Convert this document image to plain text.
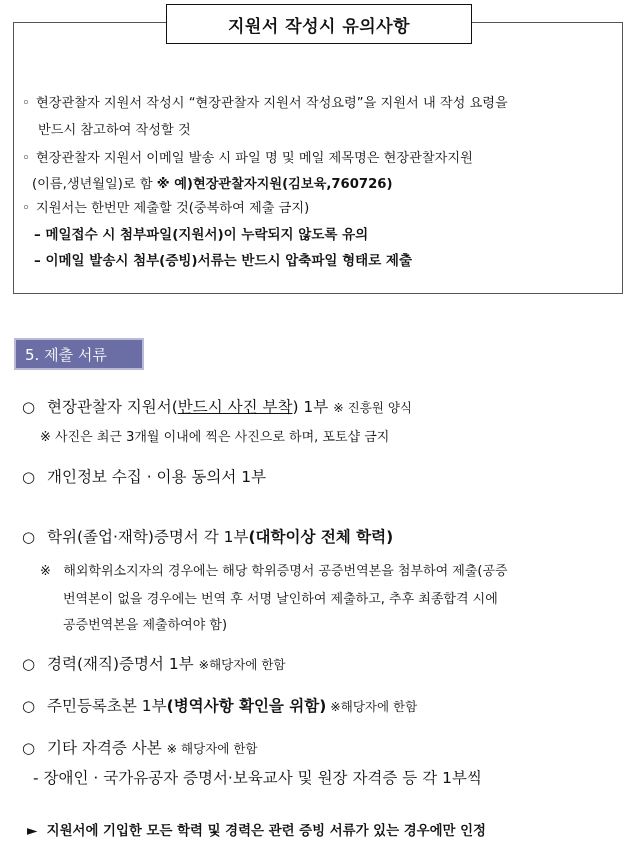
지원서 작성시 유의사항
◦ 현장관찰자 지원서 작성시 “현장관찰자 지원서 작성요령”을 지원서 내 작성 요령을
반드시 참고하여 작성할 것
◦ 현장관찰자 지원서 이메일 발송 시 파일 명 및 메일 제목명은 현장관찰자지원
(이름,생년월일)로 함 ※ 예)현장관찰자지원(김보육,760726)
◦ 지원서는 한번만 제출할 것(중복하여 제출 금지)
– 메일접수 시 첨부파일(지원서)이 누락되지 않도록 유의
– 이메일 발송시 첨부(증빙)서류는 반드시 압축파일 형태로 제출
5. 제출 서류
○ 현장관찰자 지원서(반드시 사진 부착) 1부 ※ 진흥원 양식
※ 사진은 최근 3개월 이내에 찍은 사진으로 하며, 포토샵 금지
○ 개인정보 수집 · 이용 동의서 1부
○ 학위(졸업·재학)증명서 각 1부(대학이상 전체 학력)
※ 해외학위소지자의 경우에는 해당 학위증명서 공증번역본을 첨부하여 제출(공증
번역본이 없을 경우에는 번역 후 서명 날인하여 제출하고, 추후 최종합격 시에
공증번역본을 제출하여야 함)
○ 경력(재직)증명서 1부 ※해당자에 한함
○ 주민등록초본 1부(병역사항 확인을 위함) ※해당자에 한함
○ 기타 자격증 사본 ※ 해당자에 한함
- 장애인 · 국가유공자 증명서·보육교사 및 원장 자격증 등 각 1부씩
► 지원서에 기입한 모든 학력 및 경력은 관련 증빙 서류가 있는 경우에만 인정
